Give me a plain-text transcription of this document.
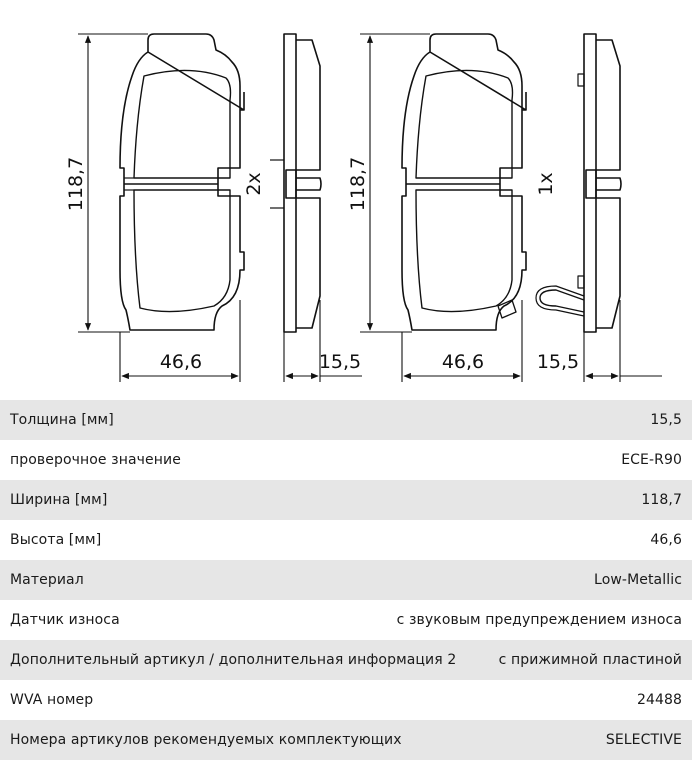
118,7
46,6	15,5
2x	118,7
46,6	15,5
1x
Толщина [мм]	15,5
проверочное значение	ECE-R90
Ширина [мм]	118,7
Высота [мм]	46,6
Материал	Low-Metallic
Датчик износа	с звуковым предупреждением износа
Дополнительный артикул / дополнительная информация 2	с прижимной пластиной
WVA номер	24488
Номера артикулов рекомендуемых комплектующих	SELECTIVE
